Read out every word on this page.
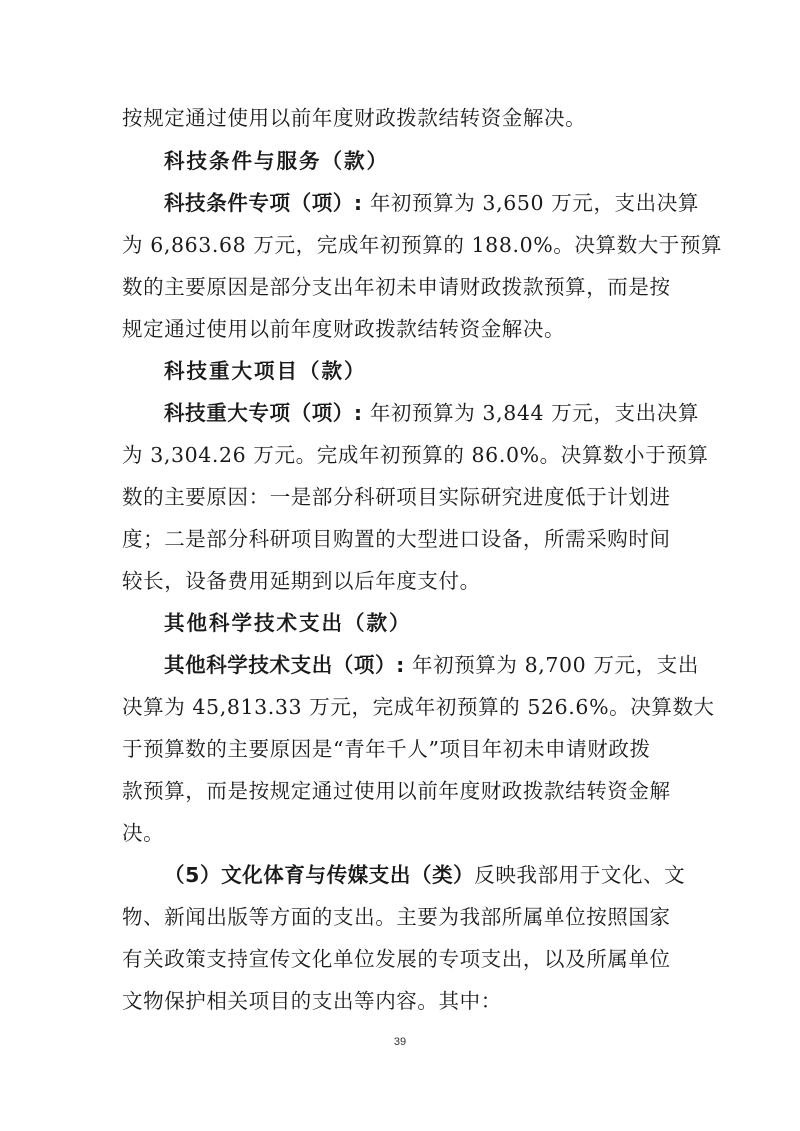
按规定通过使用以前年度财政拨款结转资金解决。
科技条件与服务（款）
科技条件专项（项）: 年初预算为 3,650 万元，支出决算
为 6,863.68 万元，完成年初预算的 188.0%。决算数大于预算
数的主要原因是部分支出年初未申请财政拨款预算，而是按
规定通过使用以前年度财政拨款结转资金解决。
科技重大项目（款）
科技重大专项（项）: 年初预算为 3,844 万元，支出决算
为 3,304.26 万元。完成年初预算的 86.0%。决算数小于预算
数的主要原因：一是部分科研项目实际研究进度低于计划进
度；二是部分科研项目购置的大型进口设备，所需采购时间
较长，设备费用延期到以后年度支付。
其他科学技术支出（款）
其他科学技术支出（项）: 年初预算为 8,700 万元，支出
决算为 45,813.33 万元，完成年初预算的 526.6%。决算数大
于预算数的主要原因是“青年千人”项目年初未申请财政拨
款预算，而是按规定通过使用以前年度财政拨款结转资金解
决。
（5）文化体育与传媒支出（类）反映我部用于文化、文
物、新闻出版等方面的支出。主要为我部所属单位按照国家
有关政策支持宣传文化单位发展的专项支出，以及所属单位
文物保护相关项目的支出等内容。其中：
39
